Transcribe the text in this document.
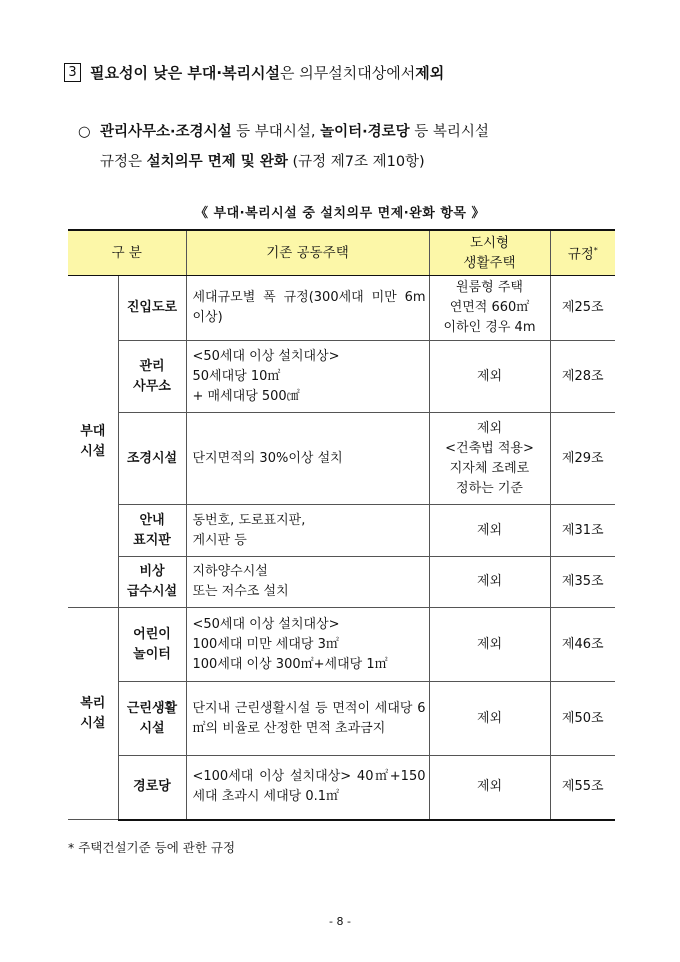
3 필요성이 낮은 부대·복리시설 은 의무설치대상에서 제외
○ 관리사무소·조경시설 등 부대시설, 놀이터·경로당 등 복리시설
규정은 설치의무 면제 및 완화 (규정 제7조 제10항)
《 부대·복리시설 중 설치의무 면제·완화 항목 》
구 분		기존 공동주택	도시형
생활주택	규정*
부대
시설	진입도로	세대규모별 폭 규정(300세대 미만 6m 이상)	원룸형 주택
연면적 660㎡
이하인 경우 4m	제25조
	관리
사무소	<50세대 이상 설치대상>
50세대당 10㎡
+ 매세대당 500㎠	제외	제28조
	조경시설	단지면적의 30%이상 설치	제외
<건축법 적용>
지자체 조례로
정하는 기준	제29조
	안내
표지판	동번호, 도로표지판,
게시판 등	제외	제31조
	비상
급수시설	지하양수시설
또는 저수조 설치	제외	제35조
복리
시설	어린이
놀이터	<50세대 이상 설치대상>
100세대 미만 세대당 3㎡
100세대 이상 300㎡+세대당 1㎡	제외	제46조
	근린생활
시설	단지내 근린생활시설 등 면적이 세대당 6㎡의 비율로 산정한 면적 초과금지	제외	제50조
	경로당	<100세대 이상 설치대상> 40㎡+150세대 초과시 세대당 0.1㎡	제외	제55조
* 주택건설기준 등에 관한 규정
- 8 -
